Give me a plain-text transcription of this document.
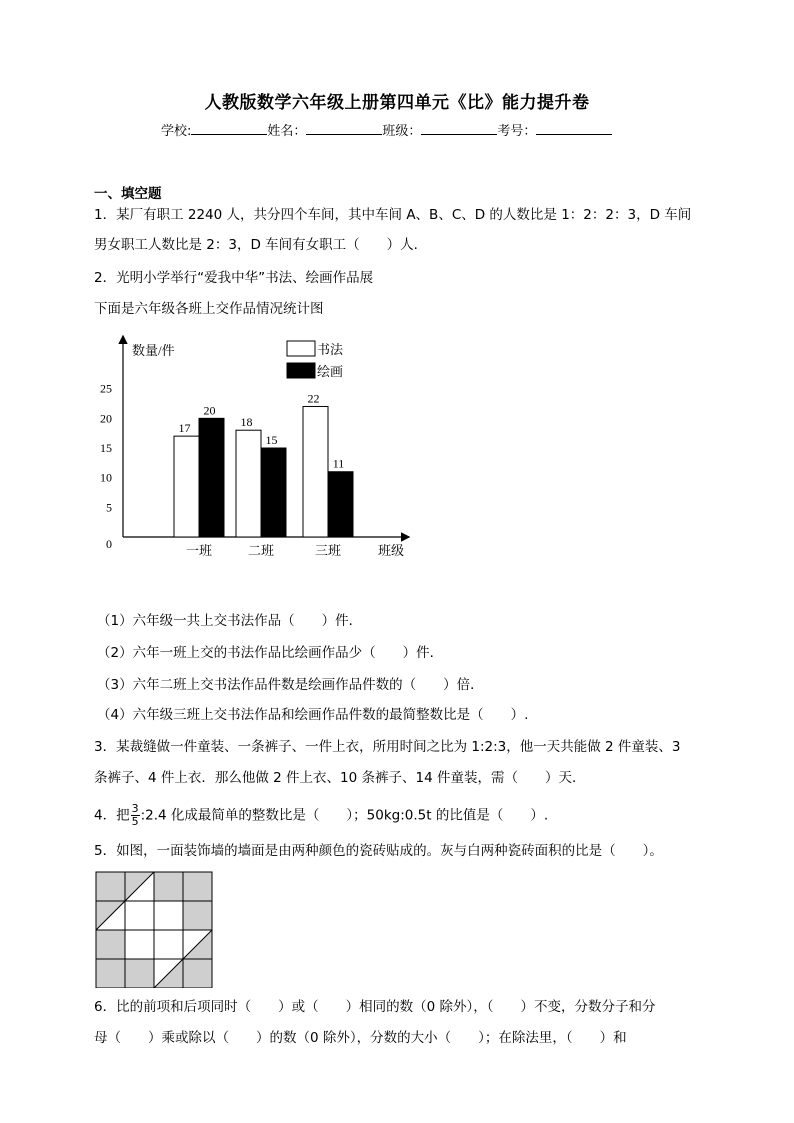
人教版数学六年级上册第四单元《比》能力提升卷
学校:	姓名：	班级：	考号：
一、填空题
1．某厂有职工 2240 人，共分四个车间，其中车间 A、B、C、D 的人数比是 1：2：2：3，D 车间
男女职工人数比是 2：3，D 车间有女职工（　　）人．
2．光明小学举行“爱我中华”书法、绘画作品展
下面是六年级各班上交作品情况统计图
数量/件
班级
0
5
10
15
20
25
17
20
18
15
22
11
一班	二班	三班
书法
绘画
（1）六年级一共上交书法作品（　　）件．
（2）六年一班上交的书法作品比绘画作品少（　　）件．
（3）六年二班上交书法作品件数是绘画作品件数的（　　）倍．
（4）六年级三班上交书法作品和绘画作品件数的最简整数比是（　　）.
3．某裁缝做一件童装、一条裤子、一件上衣，所用时间之比为 1:2:3，他一天共能做 2 件童装、3
条裤子、4 件上衣．那么他做 2 件上衣、10 条裤子、14 件童装，需（　　）天．
4．把 $\frac{3}{5}$ :2.4 化成最简单的整数比是（　　）；50kg:0.5t 的比值是（　　）.
5．如图，一面装饰墙的墙面是由两种颜色的瓷砖贴成的。灰与白两种瓷砖面积的比是（　　）。
6．比的前项和后项同时（　　）或（　　）相同的数（0 除外），（　　）不变，分数分子和分
母（　　）乘或除以（　　）的数（0 除外），分数的大小（　　）；在除法里，（　　）和
